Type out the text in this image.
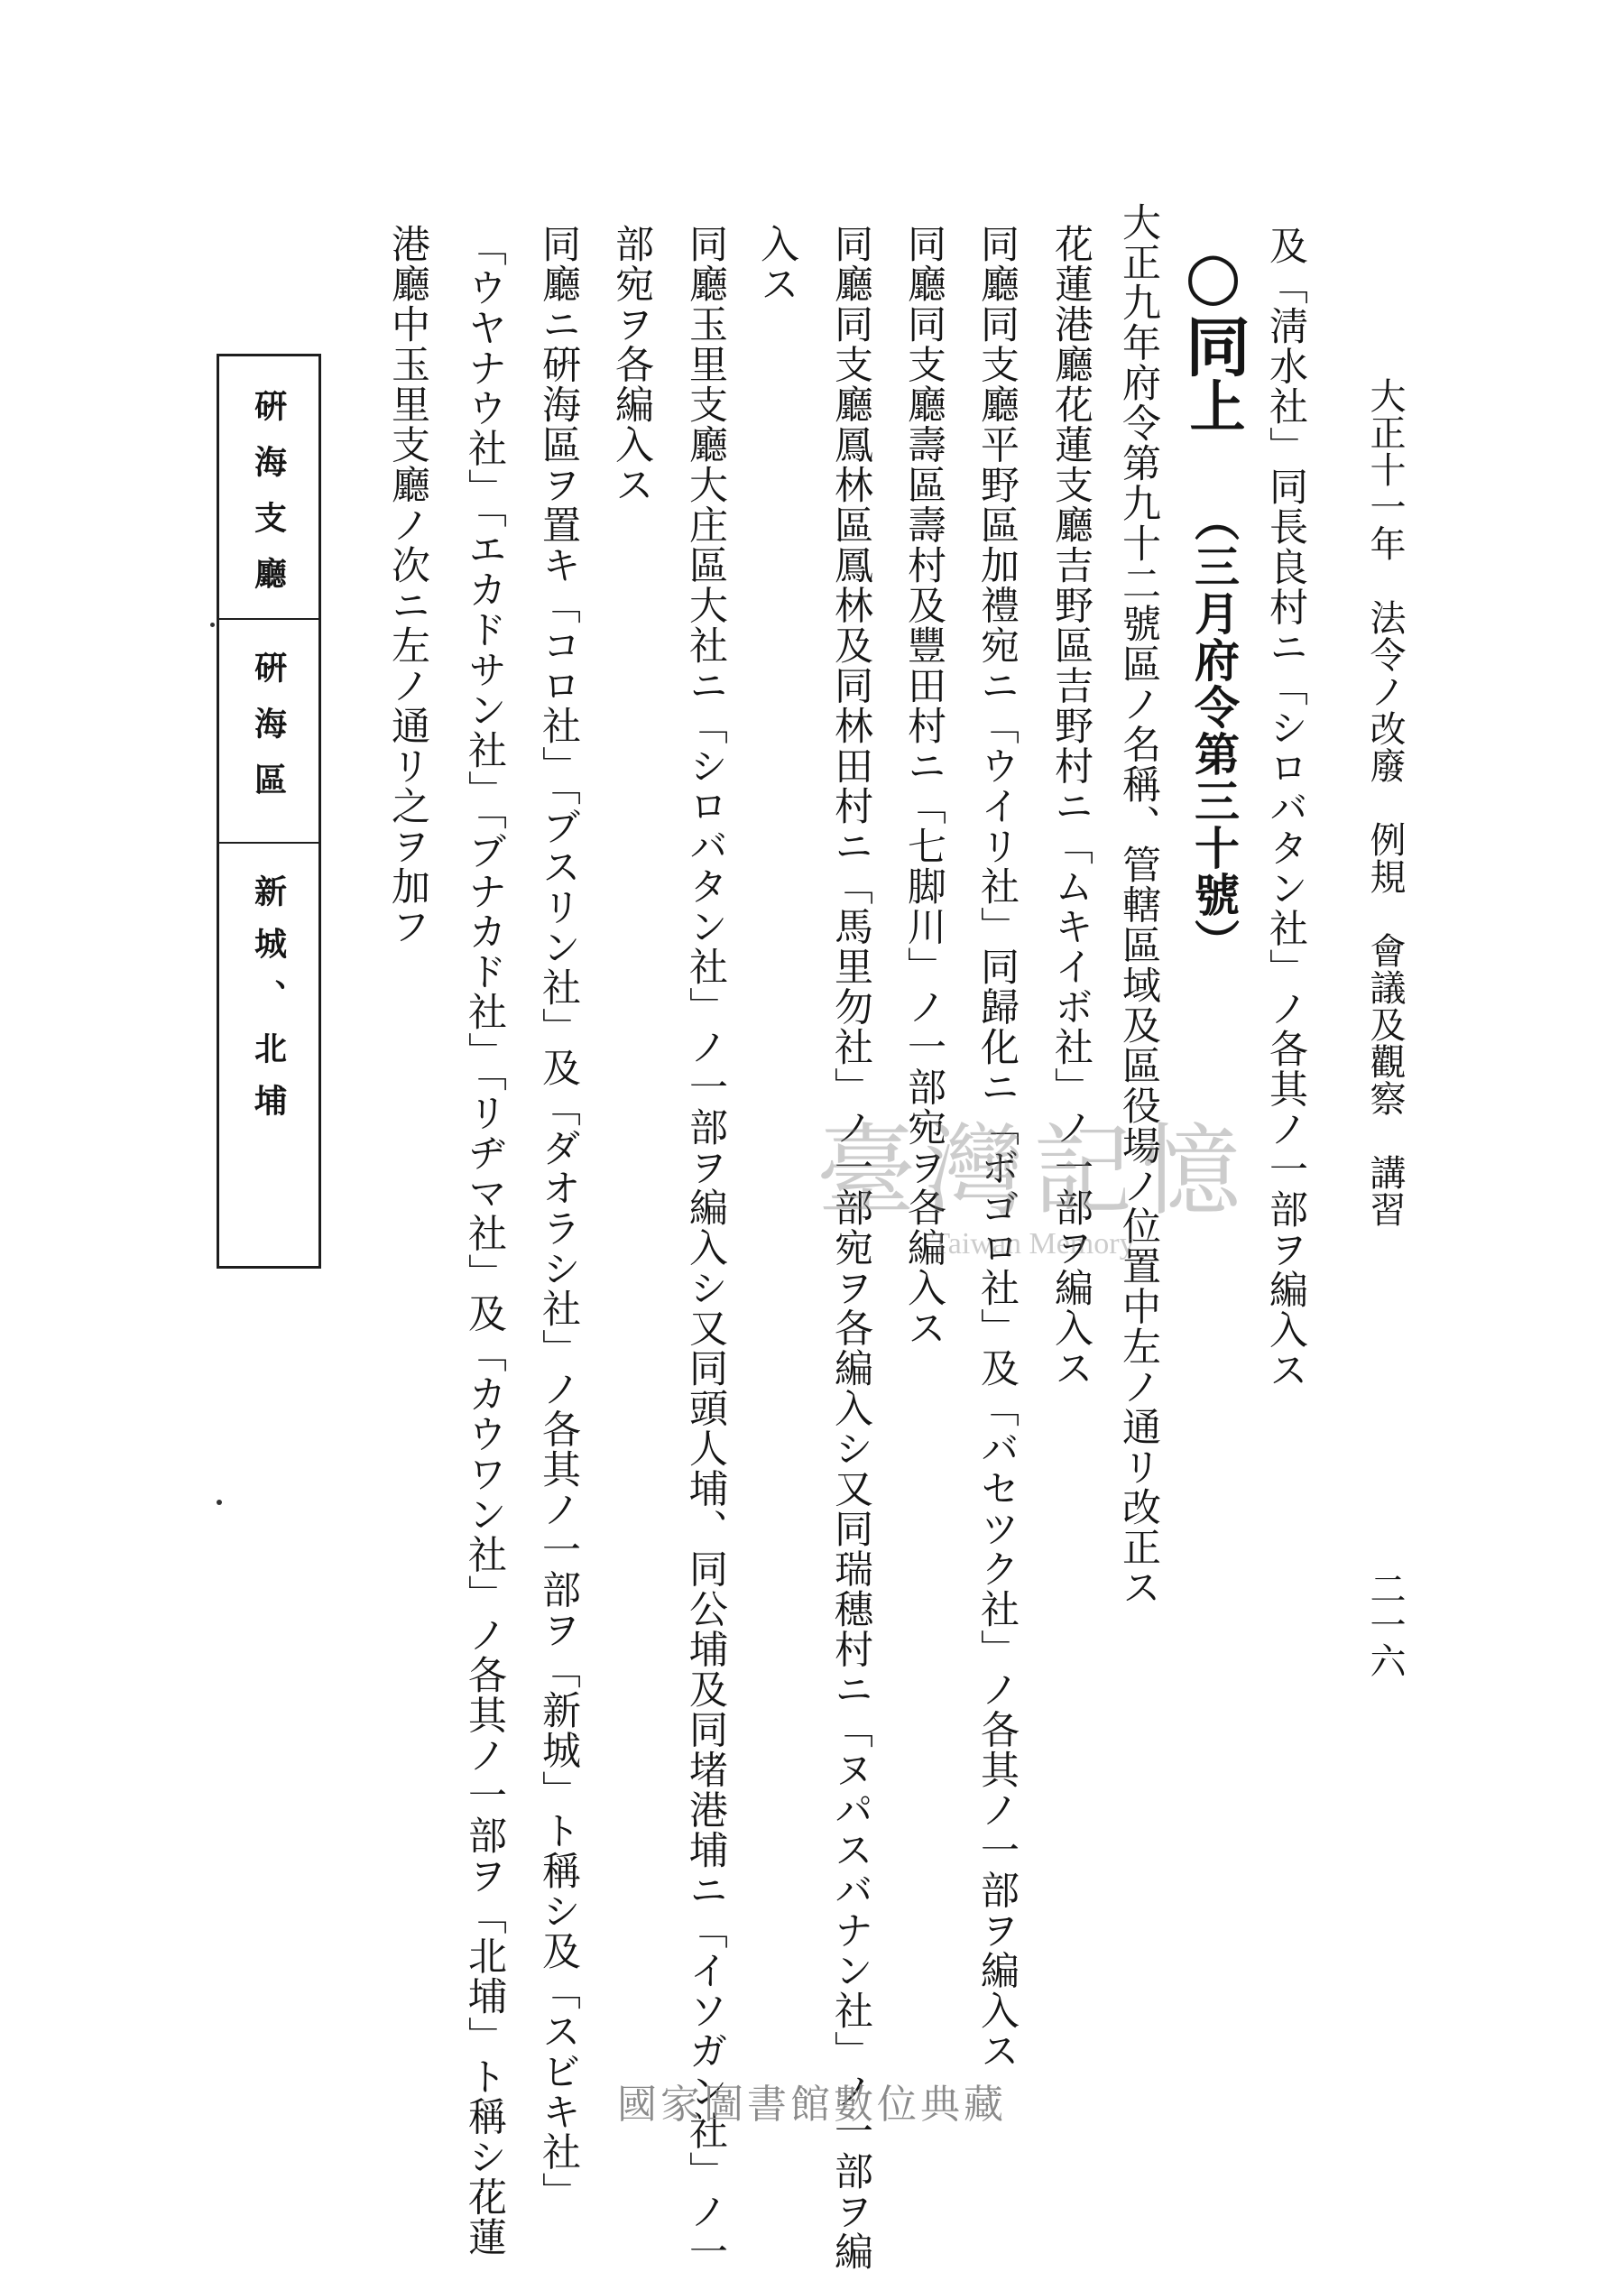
大正十一年　法令ノ改廢　例規　會議及觀察　講習
二一六
及「淸水社」同長良村ニ「シロバタン社」ノ各其ノ一部ヲ編入ス
○同
上
（三月府令第三十號）
大正九年府令第九十二號區ノ名稱、管轄區域及區役場ノ位置中左ノ通リ改正ス
花蓮港廳花蓮支廳吉野區吉野村ニ「ムキイボ社」ノ一部ヲ編入ス
同廳同支廳平野區加禮宛ニ「ウイリ社」同歸化ニ「ボゴロ社」及「バセツク社」ノ各其ノ一部ヲ編入ス
同廳同支廳壽區壽村及豐田村ニ「七脚川」ノ一部宛ヲ各編入ス
同廳同支廳鳳林區鳳林及同林田村ニ「馬里勿社」ノ一部宛ヲ各編入シ又同瑞穗村ニ「ヌパスバナン社」ノ一部ヲ編
入ス
同廳玉里支廳大庄區大社ニ「シロバタン社」ノ一部ヲ編入シ又同頭人埔、同公埔及同堵港埔ニ「イソガン社」ノ一
部宛ヲ各編入ス
同廳ニ硏海區ヲ置キ「コロ社」「ブスリン社」及「ダオラシ社」ノ各其ノ一部ヲ「新城」ト稱シ及「スビキ社」
「ウヤナウ社」「エカドサン社」「ブナカド社」「リヂマ社」及「カウワン社」ノ各其ノ一部ヲ「北埔」ト稱シ花蓮
港廳中玉里支廳ノ次ニ左ノ通リ之ヲ加フ
硏海支廳
硏海區
新城、北埔
臺灣記憶
Taiwan Memory
國家圖書館數位典藏
